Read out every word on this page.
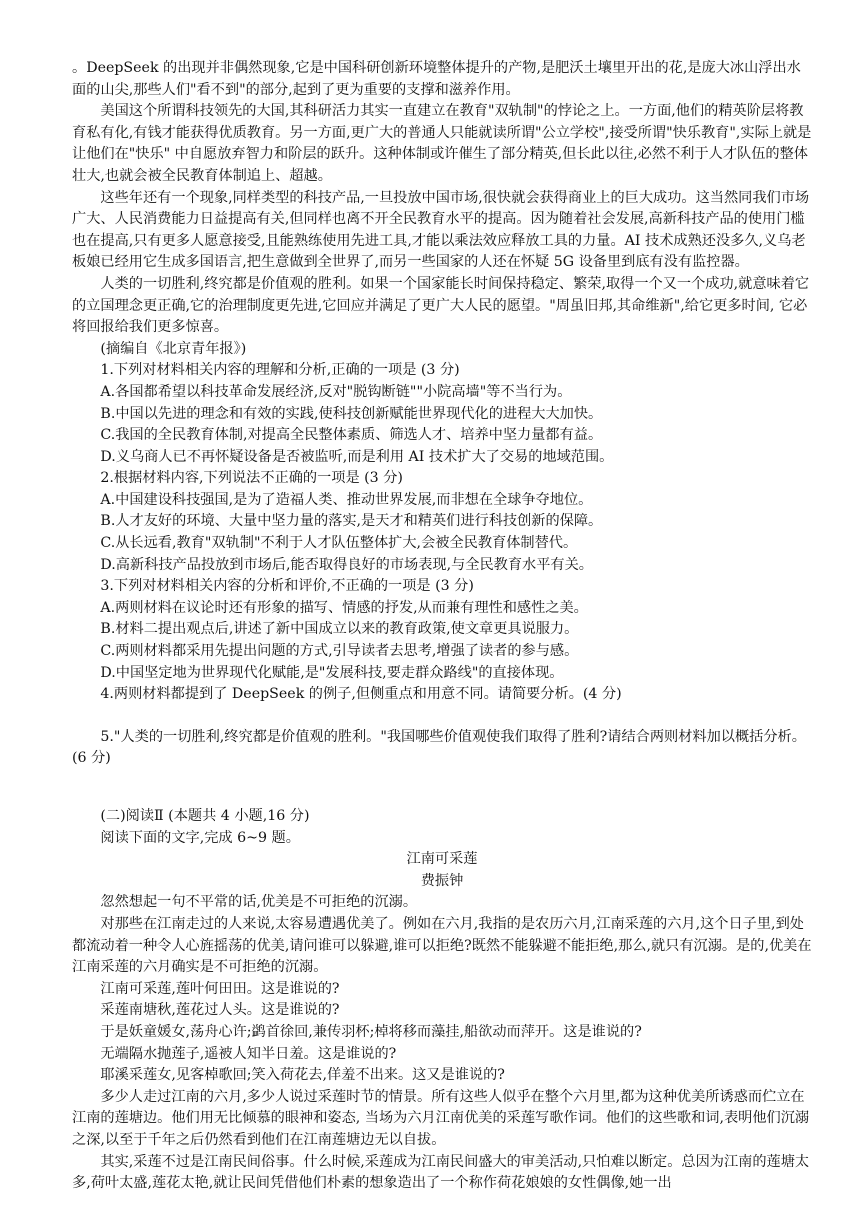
。DeepSeek 的出现并非偶然现象,它是中国科研创新环境整体提升的产物,是肥沃土壤里开出的花,是庞大冰山浮出水面的山尖,那些人们"看不到"的部分,起到了更为重要的支撑和滋养作用。

美国这个所谓科技领先的大国,其科研活力其实一直建立在教育"双轨制"的悖论之上。一方面,他们的精英阶层将教育私有化,有钱才能获得优质教育。另一方面,更广大的普通人只能就读所谓"公立学校",接受所谓"快乐教育",实际上就是让他们在"快乐" 中自愿放弃智力和阶层的跃升。这种体制或许催生了部分精英,但长此以往,必然不利于人才队伍的整体壮大,也就会被全民教育体制追上、超越。

这些年还有一个现象,同样类型的科技产品,一旦投放中国市场,很快就会获得商业上的巨大成功。这当然同我们市场广大、人民消费能力日益提高有关,但同样也离不开全民教育水平的提高。因为随着社会发展,高新科技产品的使用门槛也在提高,只有更多人愿意接受,且能熟练使用先进工具,才能以乘法效应释放工具的力量。AI 技术成熟还没多久,义乌老板娘已经用它生成多国语言,把生意做到全世界了,而另一些国家的人还在怀疑 5G 设备里到底有没有监控器。

人类的一切胜利,终究都是价值观的胜利。如果一个国家能长时间保持稳定、繁荣,取得一个又一个成功,就意味着它的立国理念更正确,它的治理制度更先进,它回应并满足了更广大人民的愿望。"周虽旧邦,其命维新",给它更多时间, 它必将回报给我们更多惊喜。

(摘编自《北京青年报》)

1.下列对材料相关内容的理解和分析,正确的一项是 (3 分)

A.各国都希望以科技革命发展经济,反对"脱钩断链""小院高墙"等不当行为。

B.中国以先进的理念和有效的实践,使科技创新赋能世界现代化的进程大大加快。

C.我国的全民教育体制,对提高全民整体素质、筛选人才、培养中坚力量都有益。

D.义乌商人已不再怀疑设备是否被监听,而是利用 AI 技术扩大了交易的地域范围。

2.根据材料内容,下列说法不正确的一项是 (3 分)

A.中国建设科技强国,是为了造福人类、推动世界发展,而非想在全球争夺地位。

B.人才友好的环境、大量中坚力量的落实,是天才和精英们进行科技创新的保障。

C.从长远看,教育"双轨制"不利于人才队伍整体扩大,会被全民教育体制替代。

D.高新科技产品投放到市场后,能否取得良好的市场表现,与全民教育水平有关。

3.下列对材料相关内容的分析和评价,不正确的一项是 (3 分)

A.两则材料在议论时还有形象的描写、情感的抒发,从而兼有理性和感性之美。

B.材料二提出观点后,讲述了新中国成立以来的教育政策,使文章更具说服力。

C.两则材料都采用先提出问题的方式,引导读者去思考,增强了读者的参与感。

D.中国坚定地为世界现代化赋能,是"发展科技,要走群众路线"的直接体现。

4.两则材料都提到了 DeepSeek 的例子,但侧重点和用意不同。请简要分析。(4 分)

5."人类的一切胜利,终究都是价值观的胜利。"我国哪些价值观使我们取得了胜利?请结合两则材料加以概括分析。(6 分)

(二)阅读Ⅱ (本题共 4 小题,16 分)

阅读下面的文字,完成 6~9 题。

江南可采莲

费振钟

忽然想起一句不平常的话,优美是不可拒绝的沉溺。

对那些在江南走过的人来说,太容易遭遇优美了。例如在六月,我指的是农历六月,江南采莲的六月,这个日子里,到处都流动着一种令人心旌摇荡的优美,请问谁可以躲避,谁可以拒绝?既然不能躲避不能拒绝,那么,就只有沉溺。是的,优美在江南采莲的六月确实是不可拒绝的沉溺。

江南可采莲,莲叶何田田。这是谁说的?

采莲南塘秋,莲花过人头。这是谁说的?

于是妖童媛女,荡舟心许;鹢首徐回,兼传羽杯;棹将移而藻挂,船欲动而萍开。这是谁说的?

无端隔水抛莲子,遥被人知半日羞。这是谁说的?

耶溪采莲女,见客棹歌回;笑入荷花去,佯羞不出来。这又是谁说的?

多少人走过江南的六月,多少人说过采莲时节的情景。所有这些人似乎在整个六月里,都为这种优美所诱惑而伫立在江南的莲塘边。他们用无比倾慕的眼神和姿态, 当场为六月江南优美的采莲写歌作词。他们的这些歌和词,表明他们沉溺之深,以至于千年之后仍然看到他们在江南莲塘边无以自拔。

其实,采莲不过是江南民间俗事。什么时候,采莲成为江南民间盛大的审美活动,只怕难以断定。总因为江南的莲塘太多,荷叶太盛,莲花太艳,就让民间凭借他们朴素的想象造出了一个称作荷花娘娘的女性偶像,她一出
